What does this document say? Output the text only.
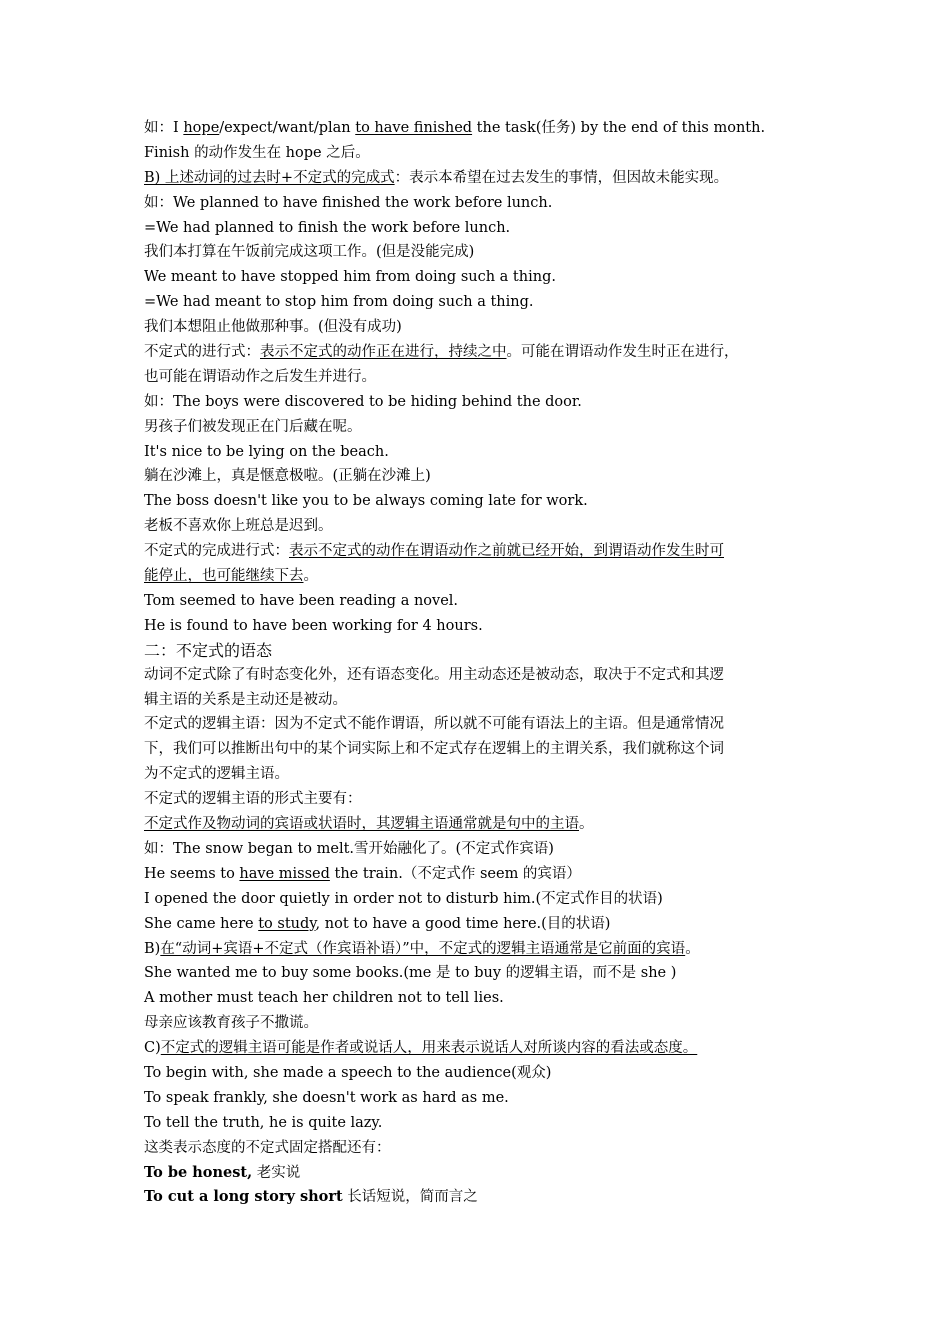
如：I hope/expect/want/plan to have finished the task(任务) by the end of this month.
Finish 的动作发生在 hope 之后。
B) 上述动词的过去时+不定式的完成式：表示本希望在过去发生的事情，但因故未能实现。
如：We planned to have finished the work before lunch.
=We had planned to finish the work before lunch.
我们本打算在午饭前完成这项工作。(但是没能完成)
We meant to have stopped him from doing such a thing.
=We had meant to stop him from doing such a thing.
我们本想阻止他做那种事。(但没有成功)
不定式的进行式：表示不定式的动作正在进行，持续之中。可能在谓语动作发生时正在进行，
也可能在谓语动作之后发生并进行。
如：The boys were discovered to be hiding behind the door.
男孩子们被发现正在门后藏在呢。
It's nice to be lying on the beach.
躺在沙滩上，真是惬意极啦。(正躺在沙滩上)
The boss doesn't like you to be always coming late for work.
老板不喜欢你上班总是迟到。
不定式的完成进行式：表示不定式的动作在谓语动作之前就已经开始，到谓语动作发生时可
能停止，也可能继续下去。
Tom seemed to have been reading a novel.
He is found to have been working for 4 hours.
二：不定式的语态
动词不定式除了有时态变化外，还有语态变化。用主动态还是被动态，取决于不定式和其逻
辑主语的关系是主动还是被动。
不定式的逻辑主语：因为不定式不能作谓语，所以就不可能有语法上的主语。但是通常情况
下，我们可以推断出句中的某个词实际上和不定式存在逻辑上的主谓关系，我们就称这个词
为不定式的逻辑主语。
不定式的逻辑主语的形式主要有：
不定式作及物动词的宾语或状语时，其逻辑主语通常就是句中的主语。
如：The snow began to melt.雪开始融化了。(不定式作宾语)
He seems to have missed the train.（不定式作 seem 的宾语）
I opened the door quietly in order not to disturb him.(不定式作目的状语)
She came here to study, not to have a good time here.(目的状语)
B)在“动词+宾语+不定式（作宾语补语）”中，不定式的逻辑主语通常是它前面的宾语。
She wanted me to buy some books.(me 是 to buy 的逻辑主语，而不是 she )
A mother must teach her children not to tell lies.
母亲应该教育孩子不撒谎。
C)不定式的逻辑主语可能是作者或说话人，用来表示说话人对所谈内容的看法或态度。
To begin with, she made a speech to the audience(观众)
To speak frankly, she doesn't work as hard as me.
To tell the truth, he is quite lazy.
这类表示态度的不定式固定搭配还有：
To be honest, 老实说
To cut a long story short 长话短说，简而言之
